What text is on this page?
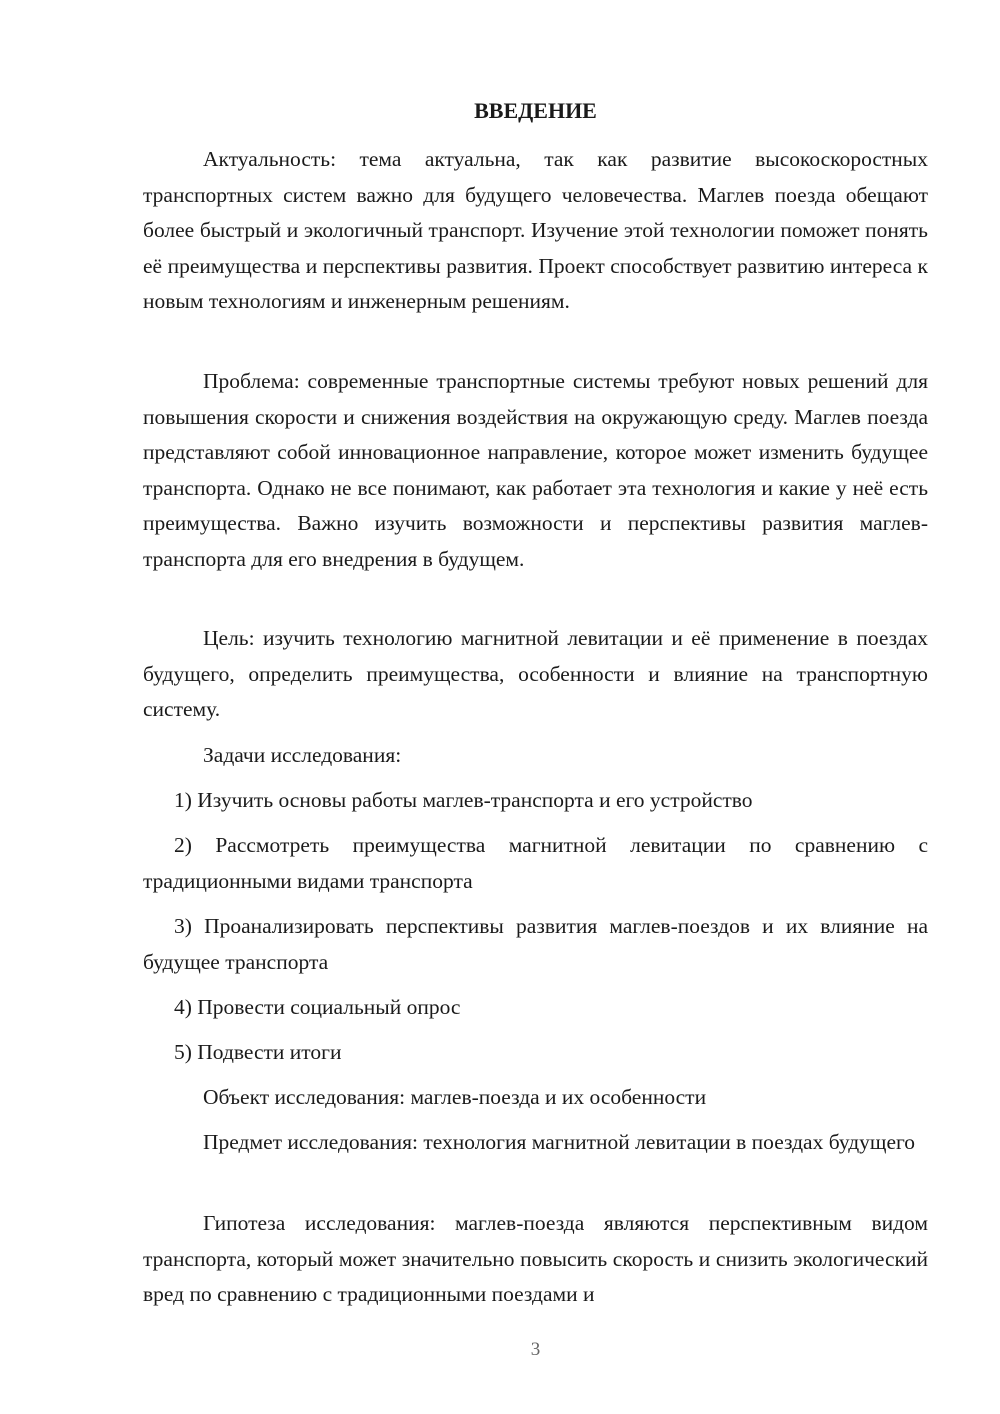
ВВЕДЕНИЕ

Актуальность: тема актуальна, так как развитие высокоскоростных транспортных систем важно для будущего человечества. Маглев поезда обещают более быстрый и экологичный транспорт. Изучение этой технологии поможет понять её преимущества и перспективы развития. Проект способствует развитию интереса к новым технологиям и инженерным решениям.

Проблема: современные транспортные системы требуют новых решений для повышения скорости и снижения воздействия на окружающую среду. Маглев поезда представляют собой инновационное направление, которое может изменить будущее транспорта. Однако не все понимают, как работает эта технология и какие у неё есть преимущества. Важно изучить возможности и перспективы развития маглев-транспорта для его внедрения в будущем.

Цель: изучить технологию магнитной левитации и её применение в поездах будущего, определить преимущества, особенности и влияние на транспортную систему.

Задачи исследования:

1) Изучить основы работы маглев-транспорта и его устройство

2) Рассмотреть преимущества магнитной левитации по сравнению с традиционными видами транспорта

3) Проанализировать перспективы развития маглев-поездов и их влияние на будущее транспорта

4) Провести социальный опрос

5) Подвести итоги

Объект исследования: маглев-поезда и их особенности

Предмет исследования: технология магнитной левитации в поездах будущего

Гипотеза исследования: маглев-поезда являются перспективным видом транспорта, который может значительно повысить скорость и снизить экологический вред по сравнению с традиционными поездами и

3
